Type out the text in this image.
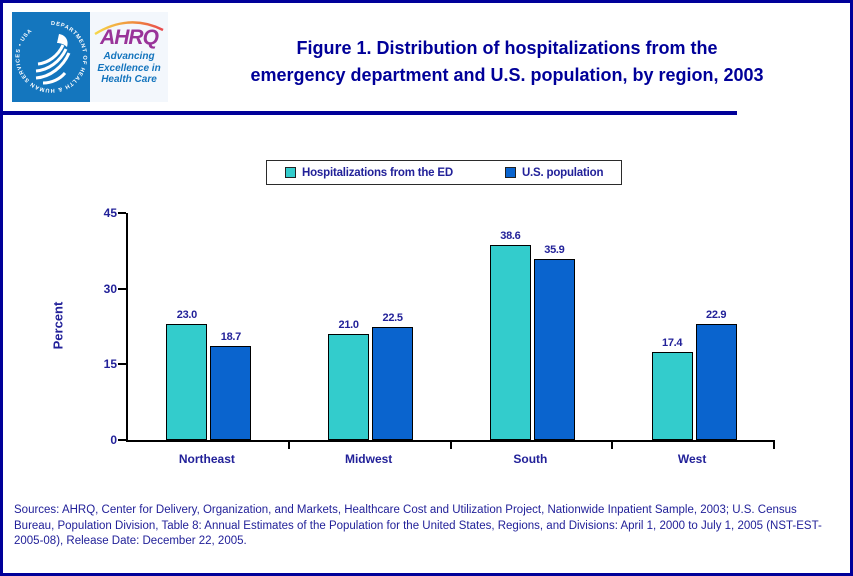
DEPARTMENT OF HEALTH & HUMAN SERVICES • USA	AHRQ
Advancing
Excellence in
Health Care
Figure 1. Distribution of hospitalizations from the
emergency department and U.S. population, by region, 2003
Hospitalizations from the ED	U.S. population
Percent
0
15
30
45
23.0
18.7
21.0
22.5
38.6
35.9
17.4
22.9
Northeast	Midwest	South	West
Sources: AHRQ, Center for Delivery, Organization, and Markets, Healthcare Cost and Utilization Project, Nationwide Inpatient Sample, 2003; U.S. Census Bureau, Population Division, Table 8: Annual Estimates of the Population for the United States, Regions, and Divisions: April 1, 2000 to July 1, 2005 (NST-EST-2005-08), Release Date: December 22, 2005.
